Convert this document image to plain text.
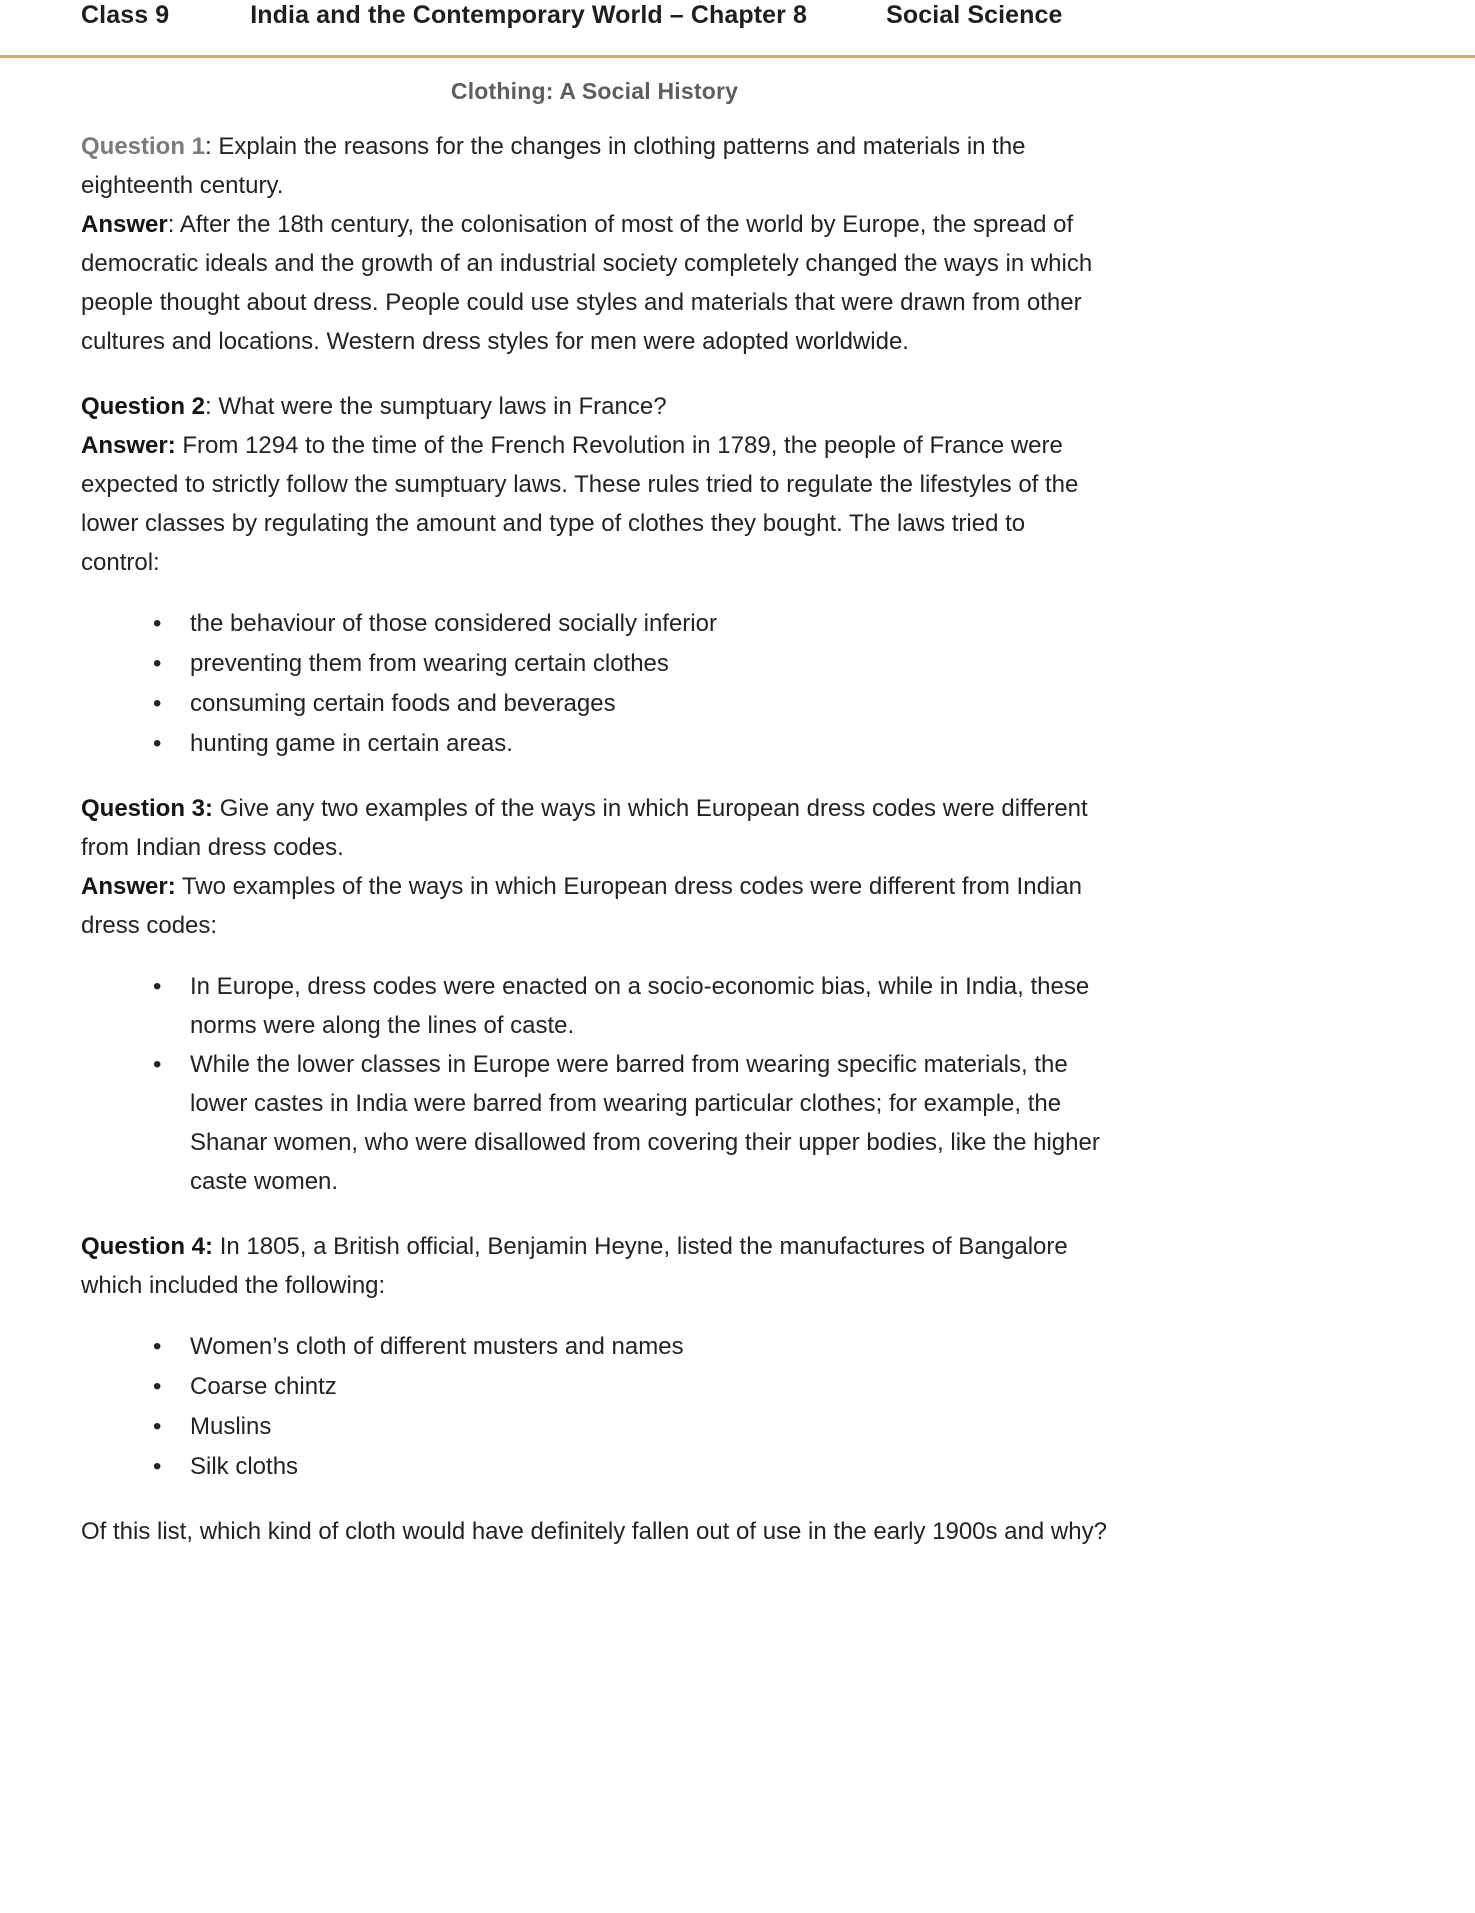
Class 9	India and the Contemporary World – Chapter 8	Social Science
Clothing: A Social History

Question 1: Explain the reasons for the changes in clothing patterns and materials in the eighteenth century.

Answer: After the 18th century, the colonisation of most of the world by Europe, the spread of democratic ideals and the growth of an industrial society completely changed the ways in which people thought about dress. People could use styles and materials that were drawn from other cultures and locations. Western dress styles for men were adopted worldwide.

Question 2: What were the sumptuary laws in France?

Answer: From 1294 to the time of the French Revolution in 1789, the people of France were expected to strictly follow the sumptuary laws. These rules tried to regulate the lifestyles of the lower classes by regulating the amount and type of clothes they bought. The laws tried to control:

• the behaviour of those considered socially inferior
• preventing them from wearing certain clothes
• consuming certain foods and beverages
• hunting game in certain areas.

Question 3: Give any two examples of the ways in which European dress codes were different from Indian dress codes.

Answer: Two examples of the ways in which European dress codes were different from Indian dress codes:

• In Europe, dress codes were enacted on a socio-economic bias, while in India, these norms were along the lines of caste.
• While the lower classes in Europe were barred from wearing specific materials, the lower castes in India were barred from wearing particular clothes; for example, the Shanar women, who were disallowed from covering their upper bodies, like the higher caste women.

Question 4: In 1805, a British official, Benjamin Heyne, listed the manufactures of Bangalore which included the following:

• Women’s cloth of different musters and names
• Coarse chintz
• Muslins
• Silk cloths

Of this list, which kind of cloth would have definitely fallen out of use in the early 1900s and why?
